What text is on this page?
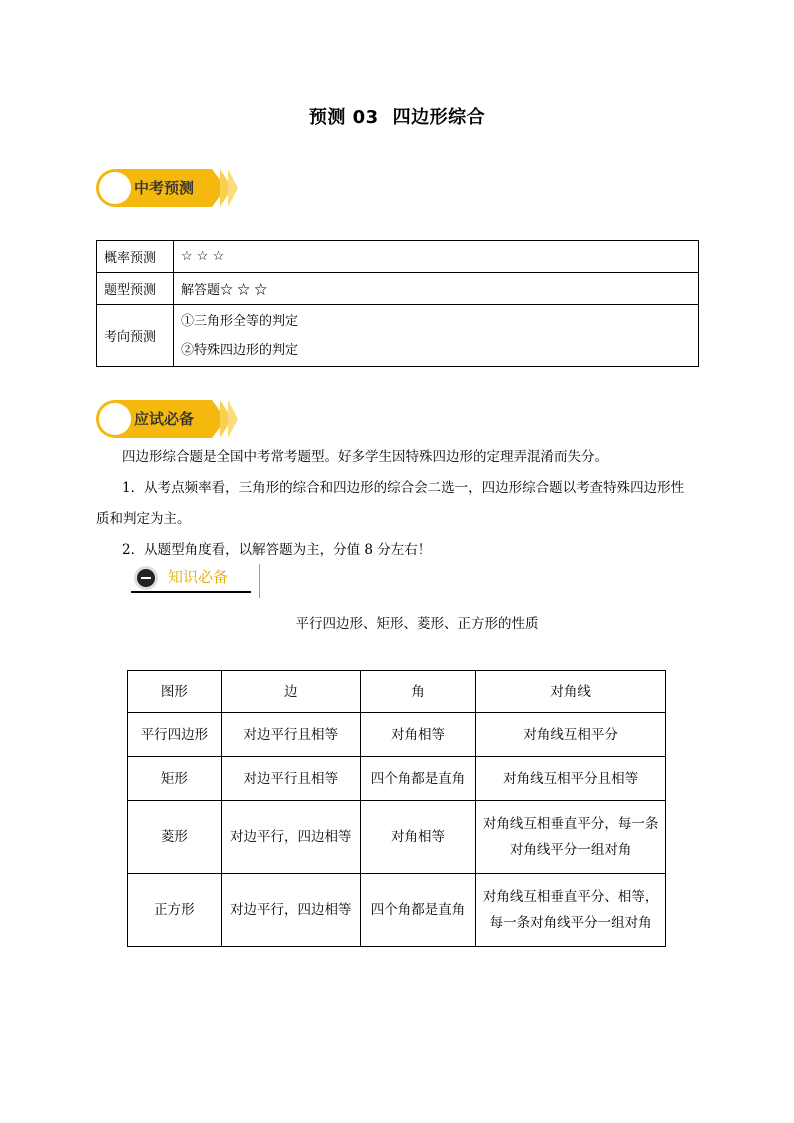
预测 03 四边形综合
中考预测
概率预测	☆ ☆ ☆
题型预测	解答题☆ ☆ ☆
考向预测	①三角形全等的判定
②特殊四边形的判定
应试必备
四边形综合题是全国中考常考题型。好多学生因特殊四边形的定理弄混淆而失分。
1．从考点频率看，三角形的综合和四边形的综合会二选一，四边形综合题以考查特殊四边形性
质和判定为主。
2．从题型角度看，以解答题为主，分值 8 分左右！
知识必备
平行四边形、矩形、菱形、正方形的性质
图形	边	角	对角线
平行四边形	对边平行且相等	对角相等	对角线互相平分
矩形	对边平行且相等	四个角都是直角	对角线互相平分且相等
菱形	对边平行，四边相等	对角相等	对角线互相垂直平分，每一条
对角线平分一组对角

正方形	对边平行，四边相等	四个角都是直角	对角线互相垂直平分、相等，
每一条对角线平分一组对角
